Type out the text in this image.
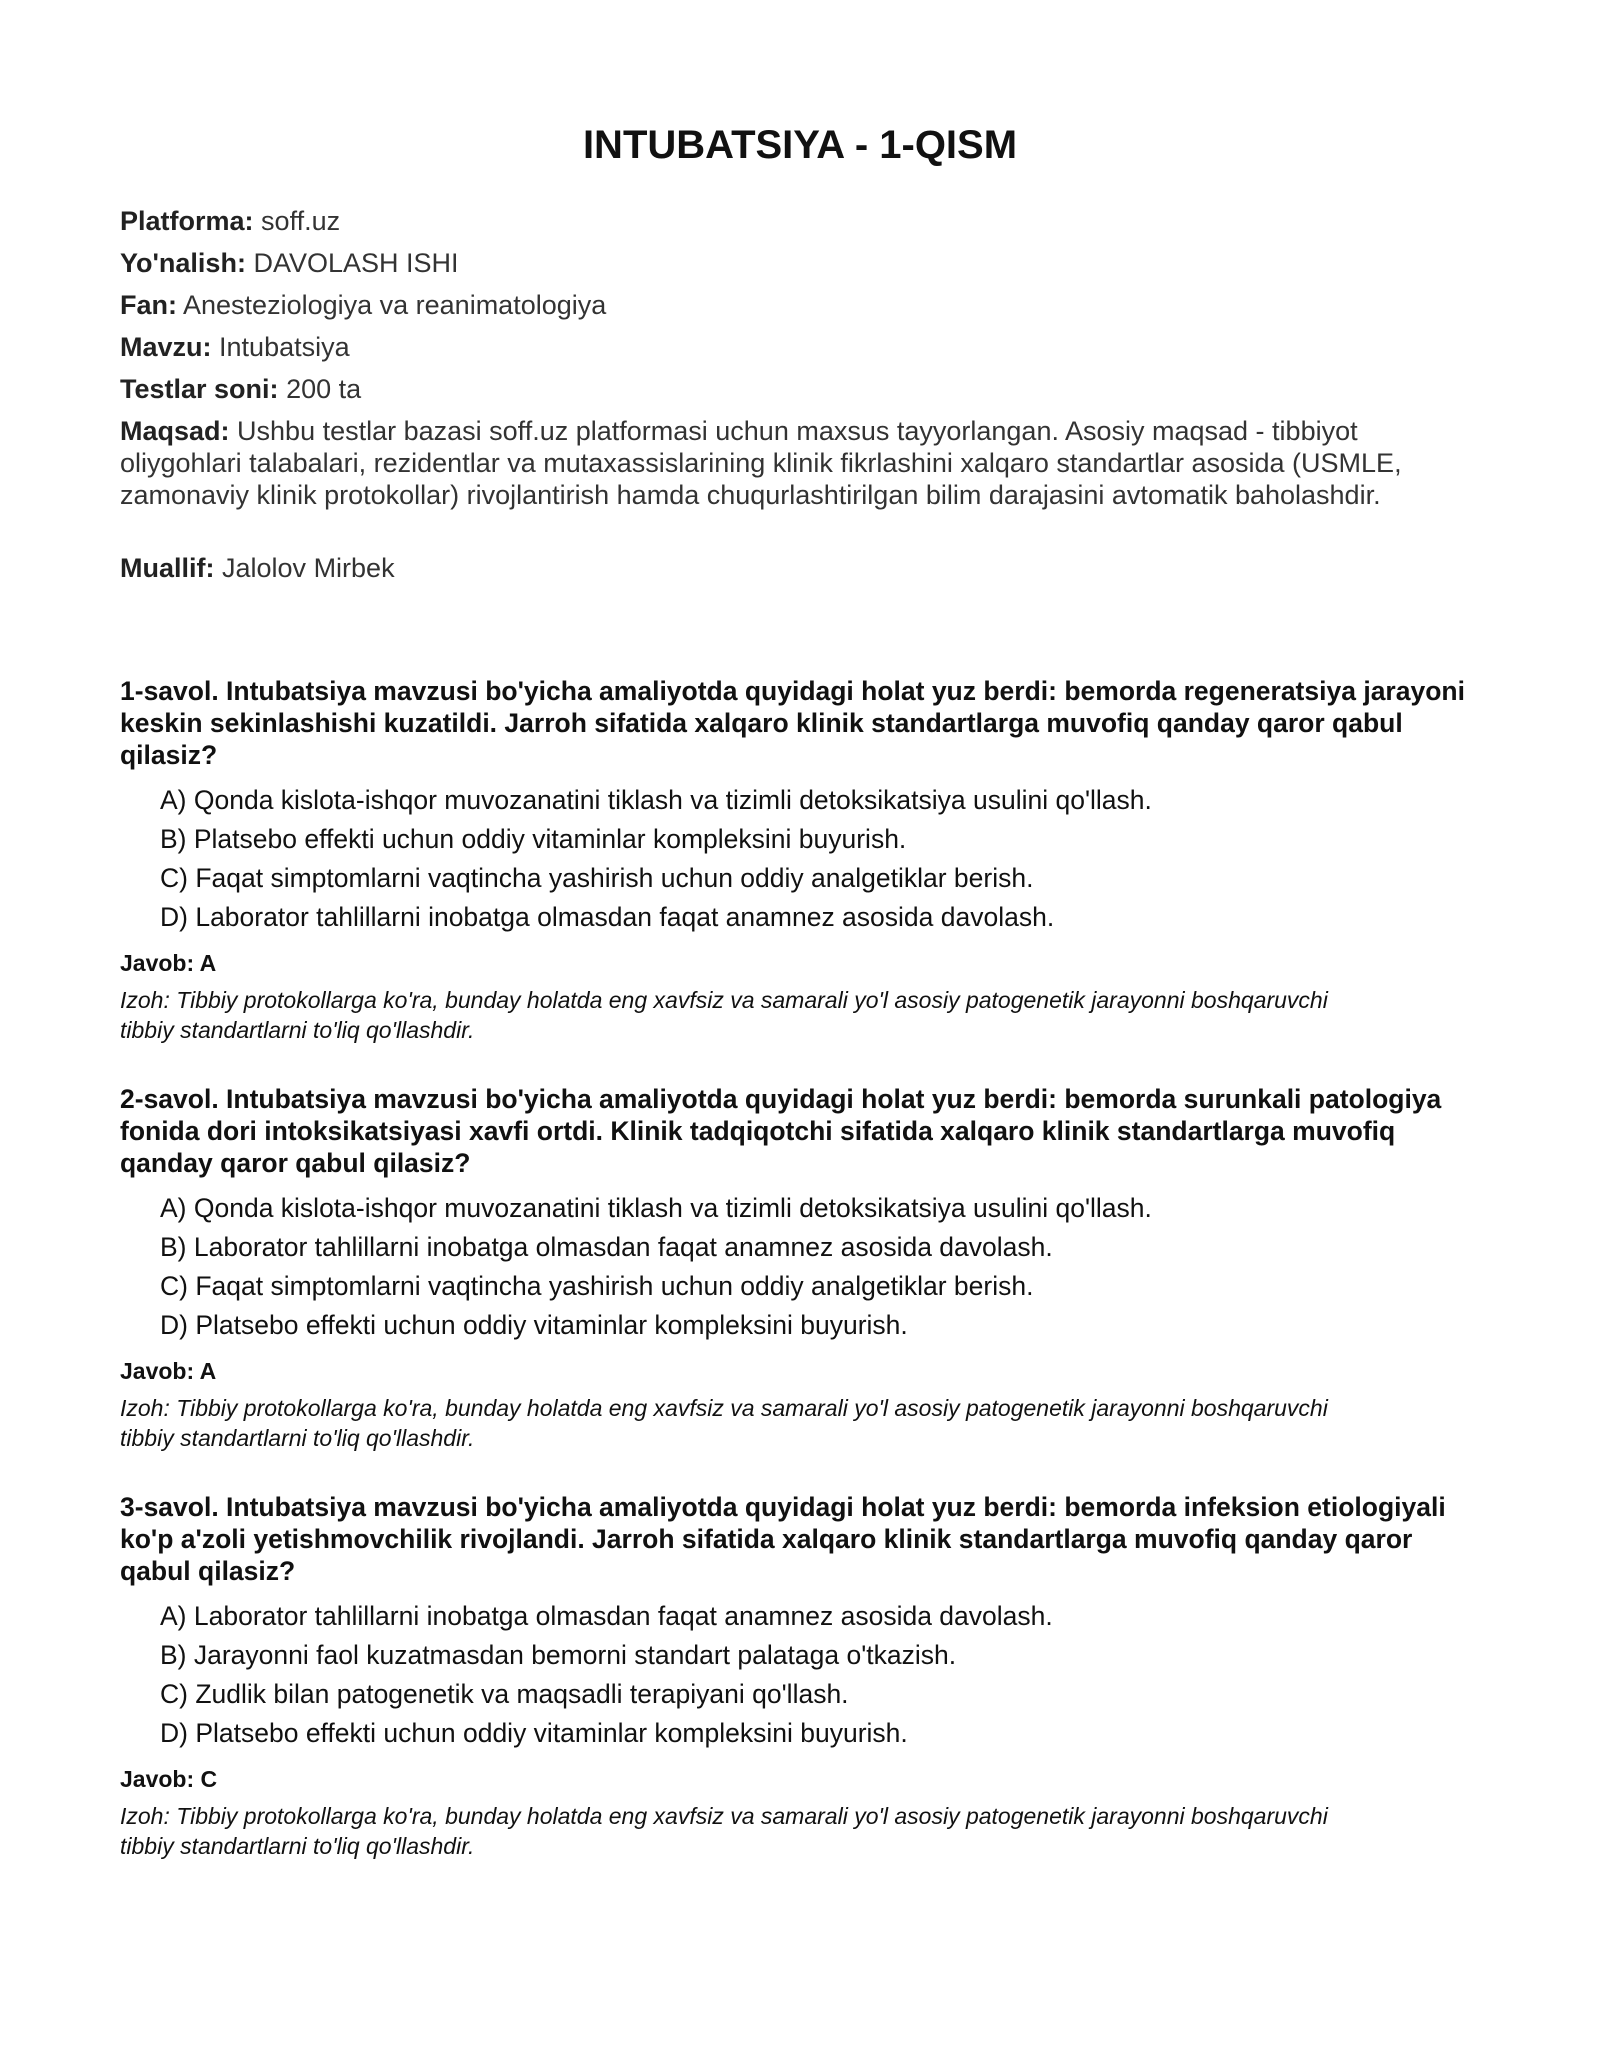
INTUBATSIYA - 1-QISM
Platforma: soff.uz
Yo'nalish: DAVOLASH ISHI
Fan: Anesteziologiya va reanimatologiya
Mavzu: Intubatsiya
Testlar soni: 200 ta
Maqsad: Ushbu testlar bazasi soff.uz platformasi uchun maxsus tayyorlangan. Asosiy maqsad - tibbiyot oliygohlari talabalari, rezidentlar va mutaxassislarining klinik fikrlashini xalqaro standartlar asosida (USMLE, zamonaviy klinik protokollar) rivojlantirish hamda chuqurlashtirilgan bilim darajasini avtomatik baholashdir.
Muallif: Jalolov Mirbek

1-savol. Intubatsiya mavzusi bo'yicha amaliyotda quyidagi holat yuz berdi: bemorda regeneratsiya jarayoni keskin sekinlashishi kuzatildi. Jarroh sifatida xalqaro klinik standartlarga muvofiq qanday qaror qabul qilasiz?

A) Qonda kislota-ishqor muvozanatini tiklash va tizimli detoksikatsiya usulini qo'llash.
B) Platsebo effekti uchun oddiy vitaminlar kompleksini buyurish.
C) Faqat simptomlarni vaqtincha yashirish uchun oddiy analgetiklar berish.
D) Laborator tahlillarni inobatga olmasdan faqat anamnez asosida davolash.
Javob: A
Izoh: Tibbiy protokollarga ko'ra, bunday holatda eng xavfsiz va samarali yo'l asosiy patogenetik jarayonni boshqaruvchi tibbiy standartlarni to'liq qo'llashdir.

2-savol. Intubatsiya mavzusi bo'yicha amaliyotda quyidagi holat yuz berdi: bemorda surunkali patologiya fonida dori intoksikatsiyasi xavfi ortdi. Klinik tadqiqotchi sifatida xalqaro klinik standartlarga muvofiq qanday qaror qabul qilasiz?

A) Qonda kislota-ishqor muvozanatini tiklash va tizimli detoksikatsiya usulini qo'llash.
B) Laborator tahlillarni inobatga olmasdan faqat anamnez asosida davolash.
C) Faqat simptomlarni vaqtincha yashirish uchun oddiy analgetiklar berish.
D) Platsebo effekti uchun oddiy vitaminlar kompleksini buyurish.
Javob: A
Izoh: Tibbiy protokollarga ko'ra, bunday holatda eng xavfsiz va samarali yo'l asosiy patogenetik jarayonni boshqaruvchi tibbiy standartlarni to'liq qo'llashdir.

3-savol. Intubatsiya mavzusi bo'yicha amaliyotda quyidagi holat yuz berdi: bemorda infeksion etiologiyali ko'p a'zoli yetishmovchilik rivojlandi. Jarroh sifatida xalqaro klinik standartlarga muvofiq qanday qaror qabul qilasiz?

A) Laborator tahlillarni inobatga olmasdan faqat anamnez asosida davolash.
B) Jarayonni faol kuzatmasdan bemorni standart palataga o'tkazish.
C) Zudlik bilan patogenetik va maqsadli terapiyani qo'llash.
D) Platsebo effekti uchun oddiy vitaminlar kompleksini buyurish.
Javob: C
Izoh: Tibbiy protokollarga ko'ra, bunday holatda eng xavfsiz va samarali yo'l asosiy patogenetik jarayonni boshqaruvchi tibbiy standartlarni to'liq qo'llashdir.
